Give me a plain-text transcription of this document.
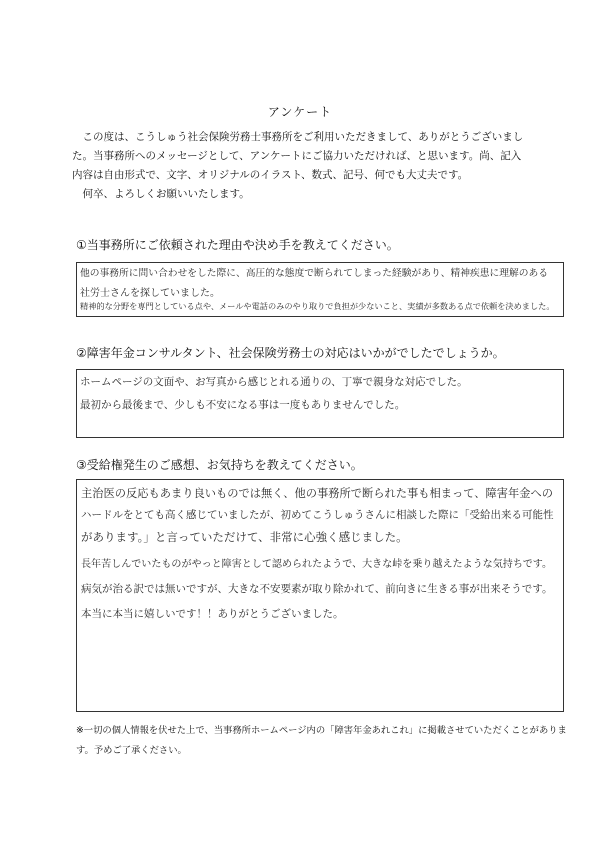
アンケート

　この度は、こうしゅう社会保険労務士事務所をご利用いただきまして、ありがとうございまし

た。当事務所へのメッセージとして、アンケートにご協力いただければ、と思います。尚、記入

内容は自由形式で、文字、オリジナルのイラスト、数式、記号、何でも大丈夫です。

　何卒、よろしくお願いいたします。

①当事務所にご依頼された理由や決め手を教えてください。

他の事務所に問い合わせをした際に、高圧的な態度で断られてしまった経験があり、精神疾患に理解のある

社労士さんを探していました。

精神的な分野を専門としている点や、メールや電話のみのやり取りで負担が少ないこと、実績が多数ある点で依頼を決めました。

②障害年金コンサルタント、社会保険労務士の対応はいかがでしたでしょうか。

ホームページの文面や、お写真から感じとれる通りの、丁寧で親身な対応でした。

最初から最後まで、少しも不安になる事は一度もありませんでした。

③受給権発生のご感想、お気持ちを教えてください。

主治医の反応もあまり良いものでは無く、他の事務所で断られた事も相まって、障害年金への

ハードルをとても高く感じていましたが、初めてこうしゅうさんに相談した際に「受給出来る可能性

があります。」と言っていただけて、非常に心強く感じました。

長年苦しんでいたものがやっと障害として認められたようで、大きな峠を乗り越えたような気持ちです。

病気が治る訳では無いですが、大きな不安要素が取り除かれて、前向きに生きる事が出来そうです。

本当に本当に嬉しいです！！ありがとうございました。

※一切の個人情報を伏せた上で、当事務所ホームページ内の「障害年金あれこれ」に掲載させていただくことがありま

す。予めご了承ください。
